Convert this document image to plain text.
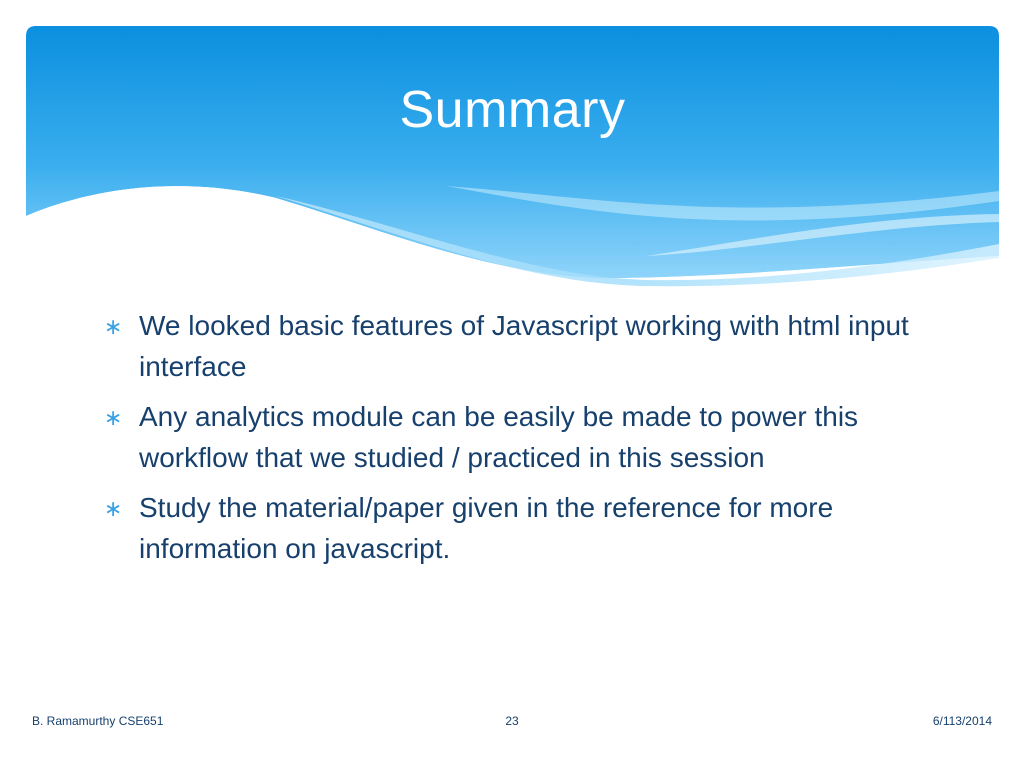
Summary
∗ We looked basic features of Javascript working with html input interface
∗ Any analytics module can be easily be made to power this workflow that we studied / practiced in this session
∗ Study the material/paper given in the reference for more information on javascript.
B. Ramamurthy CSE651	23	6/113/2014
